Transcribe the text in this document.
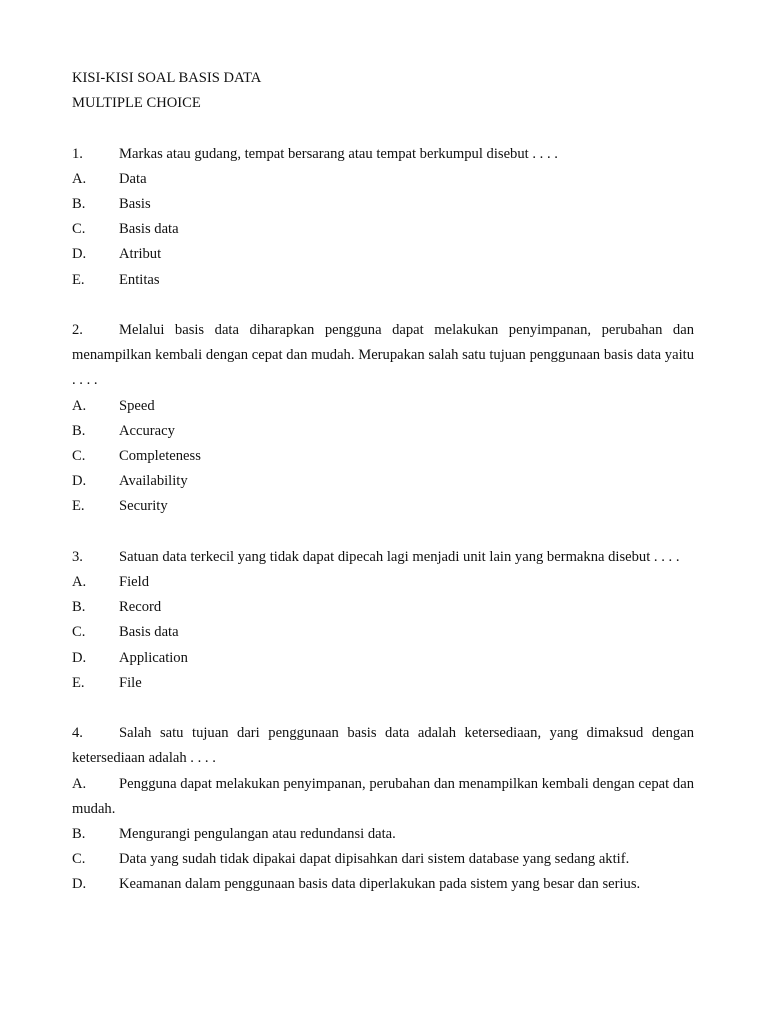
KISI-KISI SOAL BASIS DATA

MULTIPLE CHOICE

1.	Markas atau gudang, tempat bersarang atau tempat berkumpul disebut . . . .
A.	Data
B.	Basis
C.	Basis data
D.	Atribut
E.	Entitas

2. Melalui basis data diharapkan pengguna dapat melakukan penyimpanan, perubahan dan menampilkan kembali dengan cepat dan mudah. Merupakan salah satu tujuan penggunaan basis data yaitu . . . .

A.	Speed
B.	Accuracy
C.	Completeness
D.	Availability
E.	Security

3. Satuan data terkecil yang tidak dapat dipecah lagi menjadi unit lain yang bermakna disebut . . . .

A.	Field
B.	Record
C.	Basis data
D.	Application
E.	File

4. Salah satu tujuan dari penggunaan basis data adalah ketersediaan, yang dimaksud dengan ketersediaan adalah . . . .

A. Pengguna dapat melakukan penyimpanan, perubahan dan menampilkan kembali dengan cepat dan mudah.

B.	Mengurangi pengulangan atau redundansi data.
C.	Data yang sudah tidak dipakai dapat dipisahkan dari sistem database yang sedang aktif.
D.	Keamanan dalam penggunaan basis data diperlakukan pada sistem yang besar dan serius.
